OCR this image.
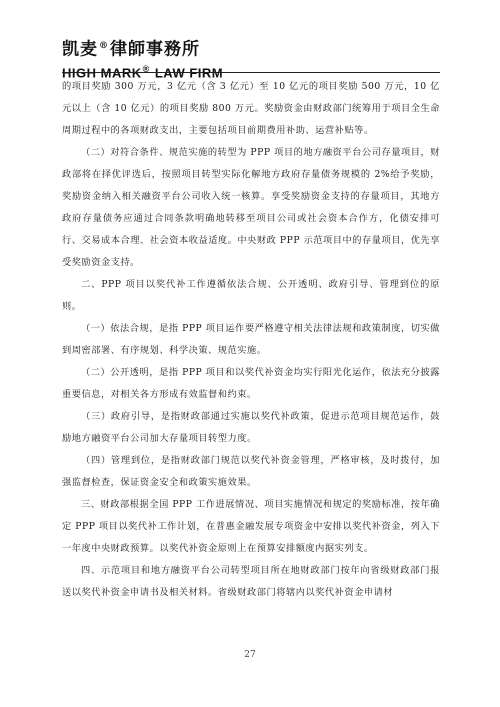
凯麦®律師事務所
HIGH MARK® LAW FIRM

的项目奖励 300 万元，3 亿元（含 3 亿元）至 10 亿元的项目奖励 500 万元，10 亿元以上（含 10 亿元）的项目奖励 800 万元。奖励资金由财政部门统筹用于项目全生命周期过程中的各项财政支出，主要包括项目前期费用补助、运营补贴等。

（二）对符合条件、规范实施的转型为 PPP 项目的地方融资平台公司存量项目，财政部将在择优评选后，按照项目转型实际化解地方政府存量债务规模的 2%给予奖励，奖励资金纳入相关融资平台公司收入统一核算。享受奖励资金支持的存量项目，其地方政府存量债务应通过合同条款明确地转移至项目公司或社会资本合作方，化债安排可行、交易成本合理、社会资本收益适度。中央财政 PPP 示范项目中的存量项目，优先享受奖励资金支持。

二、PPP 项目以奖代补工作遵循依法合规、公开透明、政府引导、管理到位的原则。

（一）依法合规，是指 PPP 项目运作要严格遵守相关法律法规和政策制度，切实做到周密部署、有序规划、科学决策、规范实施。

（二）公开透明，是指 PPP 项目和以奖代补资金均实行阳光化运作，依法充分披露重要信息，对相关各方形成有效监督和约束。

（三）政府引导，是指财政部通过实施以奖代补政策，促进示范项目规范运作，鼓励地方融资平台公司加大存量项目转型力度。

（四）管理到位，是指财政部门规范以奖代补资金管理，严格审核，及时拨付，加强监督检查，保证资金安全和政策实施效果。

三、财政部根据全国 PPP 工作进展情况、项目实施情况和规定的奖励标准，按年确定 PPP 项目以奖代补工作计划，在普惠金融发展专项资金中安排以奖代补资金，列入下一年度中央财政预算。以奖代补资金原则上在预算安排额度内据实列支。

四、示范项目和地方融资平台公司转型项目所在地财政部门按年向省级财政部门报送以奖代补资金申请书及相关材料。省级财政部门将辖内以奖代补资金申请材

27
